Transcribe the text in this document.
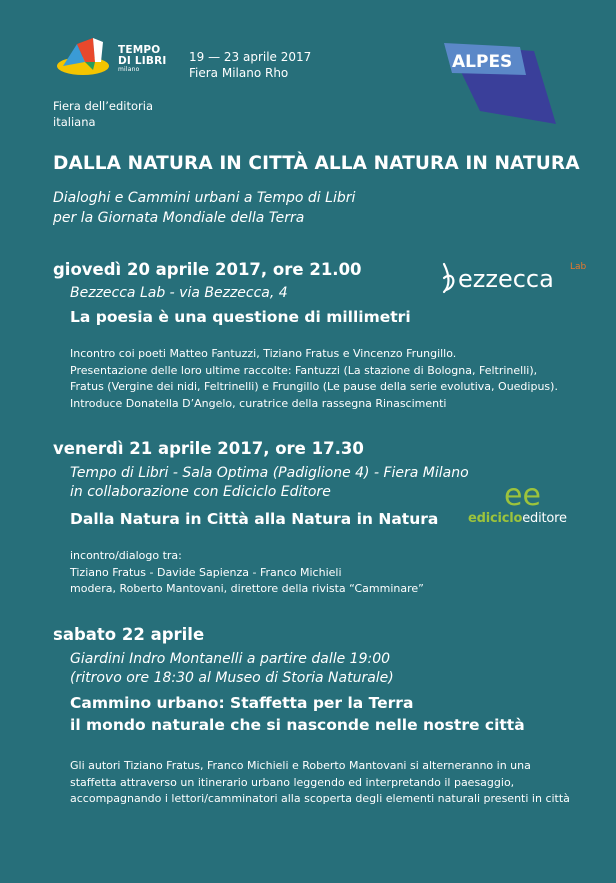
TEMPO
DI LIBRI
milano
19 — 23 aprile 2017
Fiera Milano Rho
Fiera dell’editoria
italiana
ALPES
DALLA NATURA IN CITTÀ ALLA NATURA IN NATURA
Dialoghi e Cammini urbani a Tempo di Libri
per la Giornata Mondiale della Terra
giovedì 20 aprile 2017, ore 21.00
Bezzecca Lab - via Bezzecca, 4
La poesia è una questione di millimetri
Incontro coi poeti Matteo Fantuzzi, Tiziano Fratus e Vincenzo Frungillo.
Presentazione delle loro ultime raccolte: Fantuzzi (La stazione di Bologna, Feltrinelli),
Fratus (Vergine dei nidi, Feltrinelli) e Frungillo (Le pause della serie evolutiva, Ouedipus).
Introduce Donatella D’Angelo, curatrice della rassegna Rinascimenti
ezzecca Lab
venerdì 21 aprile 2017, ore 17.30
Tempo di Libri - Sala Optima (Padiglione 4) - Fiera Milano
in collaborazione con Ediciclo Editore
Dalla Natura in Città alla Natura in Natura
incontro/dialogo tra:
Tiziano Fratus - Davide Sapienza - Franco Michieli
modera, Roberto Mantovani, direttore della rivista “Camminare”
ee
edicicloeditore
sabato 22 aprile
Giardini Indro Montanelli a partire dalle 19:00
(ritrovo ore 18:30 al Museo di Storia Naturale)
Cammino urbano: Staffetta per la Terra
il mondo naturale che si nasconde nelle nostre città
Gli autori Tiziano Fratus, Franco Michieli e Roberto Mantovani si alterneranno in una
staffetta attraverso un itinerario urbano leggendo ed interpretando il paesaggio,
accompagnando i lettori/camminatori alla scoperta degli elementi naturali presenti in città
